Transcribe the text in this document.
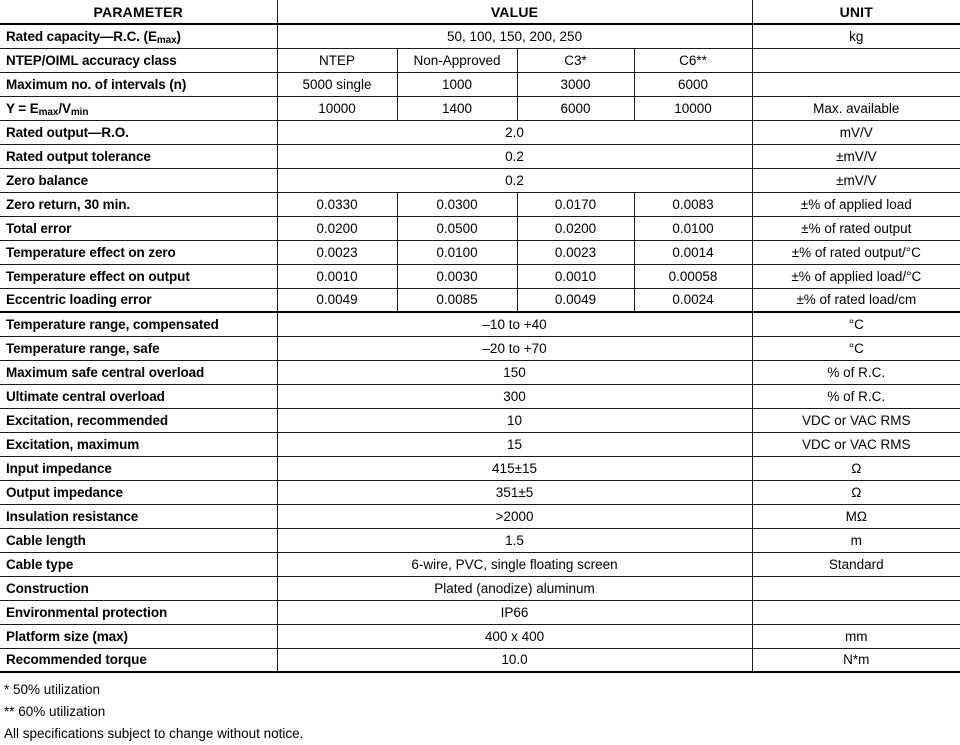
PARAMETER	VALUE				UNIT
Rated capacity—R.C. $(E_{max})$	50, 100, 150, 200, 250				kg
NTEP/OIML accuracy class	NTEP	Non-Approved	C3*	C6**	
Maximum no. of intervals (n)	5000 single	1000	3000	6000	
$Y = E_{max}/V_{min}$	10000	1400	6000	10000	Max. available
Rated output—R.O.	2.0				mV/V
Rated output tolerance	0.2				±mV/V
Zero balance	0.2				±mV/V
Zero return, 30 min.	0.0330	0.0300	0.0170	0.0083	±% of applied load
Total error	0.0200	0.0500	0.0200	0.0100	±% of rated output
Temperature effect on zero	0.0023	0.0100	0.0023	0.0014	±% of rated output/°C
Temperature effect on output	0.0010	0.0030	0.0010	0.00058	±% of applied load/°C
Eccentric loading error	0.0049	0.0085	0.0049	0.0024	±% of rated load/cm
Temperature range, compensated	–10 to +40				°C
Temperature range, safe	–20 to +70				°C
Maximum safe central overload	150				% of R.C.
Ultimate central overload	300				% of R.C.
Excitation, recommended	10				VDC or VAC RMS
Excitation, maximum	15				VDC or VAC RMS
Input impedance	415±15				Ω
Output impedance	351±5				Ω
Insulation resistance	>2000				MΩ
Cable length	1.5				m
Cable type	6-wire, PVC, single floating screen				Standard
Construction	Plated (anodize) aluminum				
Environmental protection	IP66				
Platform size (max)	400 x 400				mm
Recommended torque	10.0				N*m
* 50% utilization
** 60% utilization
All specifications subject to change without notice.
